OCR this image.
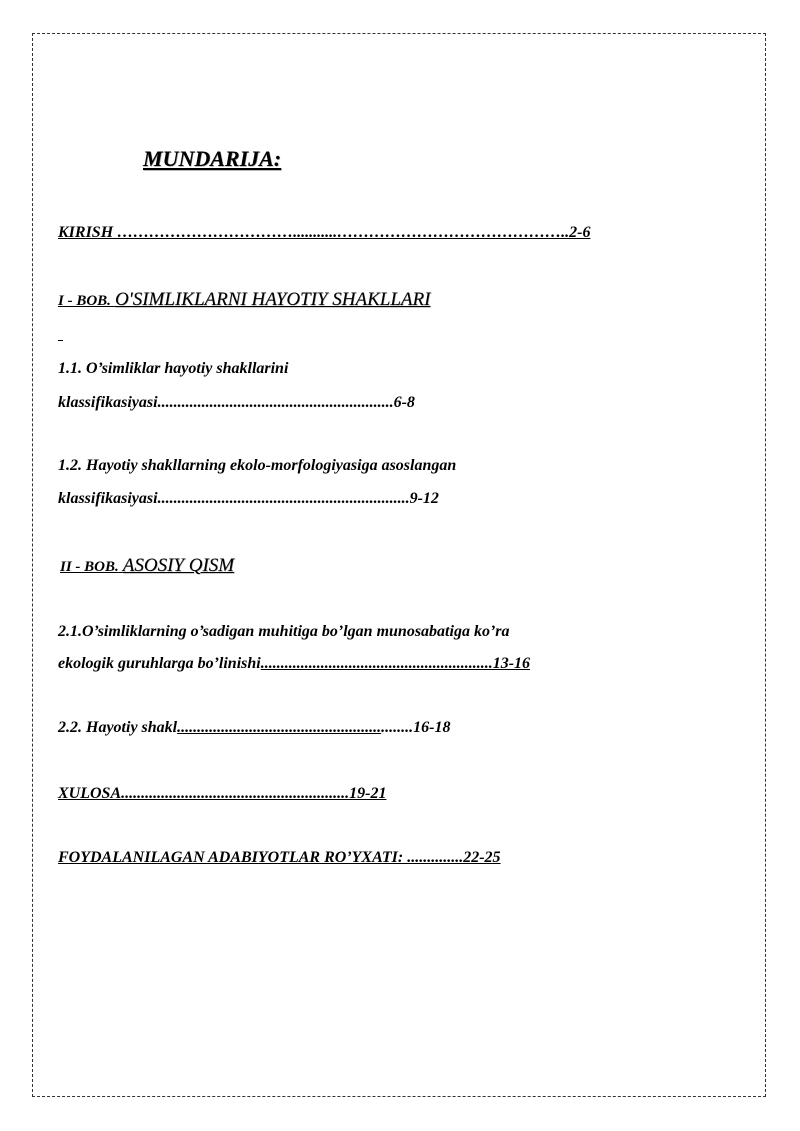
MUNDARIJA:
KIRISH ……………………………...........……………………………………..2-6
I - BOB. O'SIMLIKLARNI HAYOTIY SHAKLLARI
1.1. O’simliklar hayotiy shakllarini
klassifikasiyasi...........................................................6-8
1.2. Hayotiy shakllarning ekolo-morfologiyasiga asoslangan
klassifikasiyasi...............................................................9-12
II - BOB. ASOSIY QISM
2.1.O’simliklarning o’sadigan muhitiga bo’lgan munosabatiga ko’ra
ekologik guruhlarga bo’linishi..........................................................13-16
2.2. Hayotiy shakl...........................................................16-18
XULOSA.........................................................19-21
FOYDALANILAGAN ADABIYOTLAR RO’YXATI: ..............22-25
